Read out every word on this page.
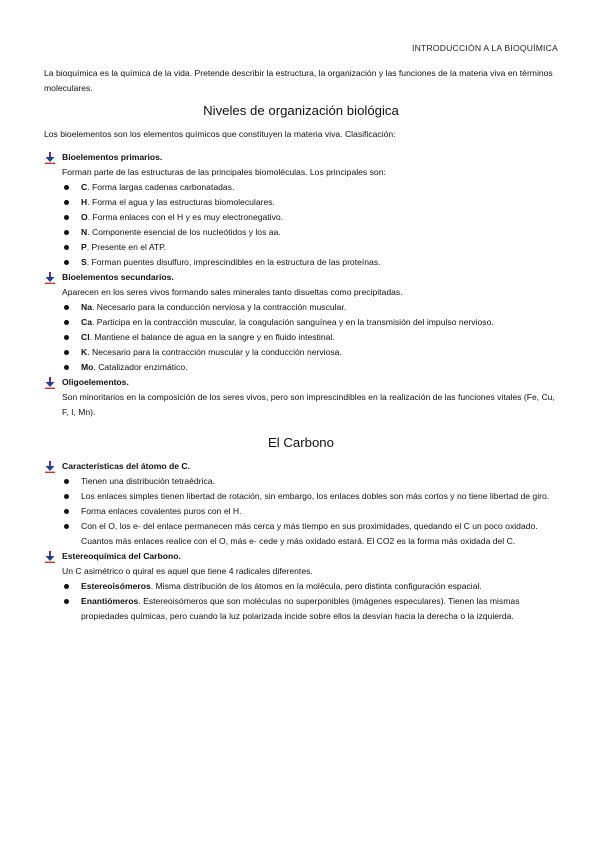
INTRODUCCIÓN A LA BIOQUÍMICA

La bioquímica es la química de la vida. Pretende describir la estructura, la organización y las funciones de la materia viva en términos moleculares.

Niveles de organización biológica

Los bioelementos son los elementos químicos que constituyen la materia viva. Clasificación:

Bioelementos primarios.

Forman parte de las estructuras de las principales biomoléculas. Los principales son:

C. Forma largas cadenas carbonatadas.
H. Forma el agua y las estructuras biomoleculares.
O. Forma enlaces con el H y es muy electronegativo.
N. Componente esencial de los nucleótidos y los aa.
P. Presente en el ATP.
S. Forman puentes disulfuro, imprescindibles en la estructura de las proteínas.
Bioelementos secundarios.

Aparecen en los seres vivos formando sales minerales tanto disueltas como precipitadas.

Na. Necesario para la conducción nerviosa y la contracción muscular.
Ca. Participa en la contracción muscular, la coagulación sanguínea y en la transmisión del impulso nervioso.
Cl. Mantiene el balance de agua en la sangre y en fluido intestinal.
K. Necesario para la contracción muscular y la conducción nerviosa.
Mo. Catalizador enzimático.
Oligoelementos.

Son minoritarios en la composición de los seres vivos, pero son imprescindibles en la realización de las funciones vitales (Fe, Cu, F, I, Mn).

El Carbono
Características del átomo de C.
Tienen una distribución tetraédrica.
Los enlaces simples tienen libertad de rotación, sin embargo, los enlaces dobles son más cortos y no tiene libertad de giro.
Forma enlaces covalentes puros con el H.
Con el O, los e- del enlace permanecen más cerca y más tiempo en sus proximidades, quedando el C un poco oxidado. Cuantos más enlaces realice con el O, más e- cede y más oxidado estará. El CO2 es la forma más oxidada del C.
Estereoquímica del Carbono.

Un C asimétrico o quiral es aquel que tiene 4 radicales diferentes.

Estereoisómeros. Misma distribución de los átomos en la molécula, pero distinta configuración espacial.
Enantiómeros. Estereoisómeros que son moléculas no superponibles (imágenes especulares). Tienen las mismas propiedades químicas, pero cuando la luz polarizada incide sobre ellos la desvían hacia la derecha o la izquierda.
